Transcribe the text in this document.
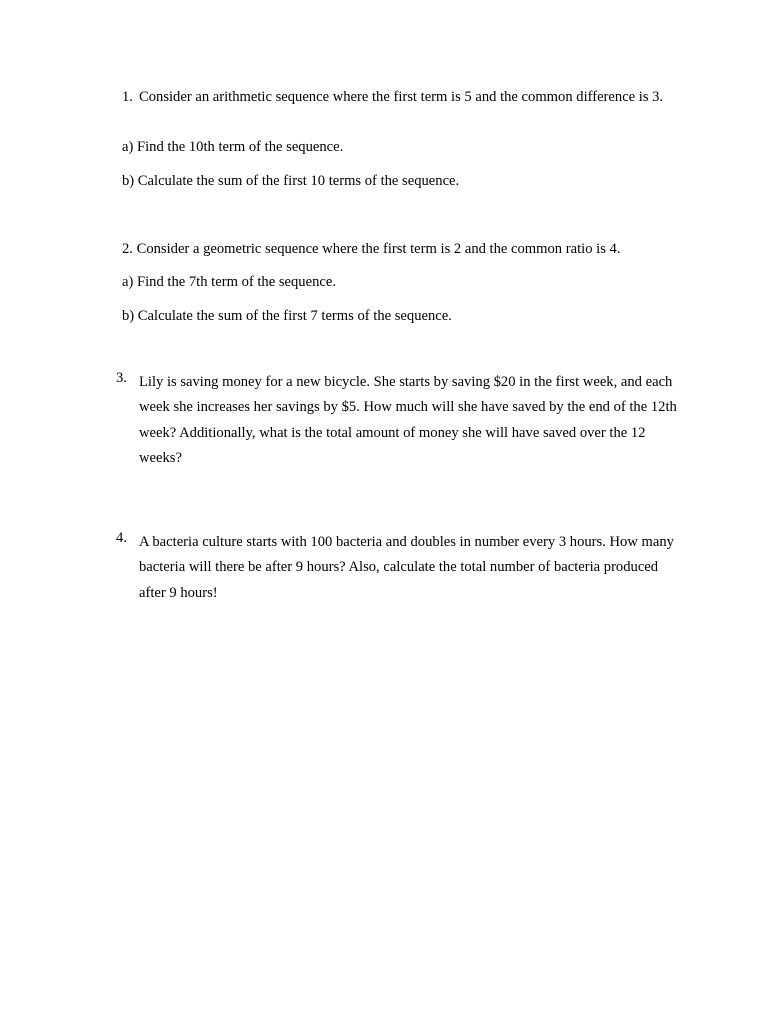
1. Consider an arithmetic sequence where the first term is 5 and the common difference is 3.
a) Find the 10th term of the sequence.
b) Calculate the sum of the first 10 terms of the sequence.
2. Consider a geometric sequence where the first term is 2 and the common ratio is 4.
a) Find the 7th term of the sequence.
b) Calculate the sum of the first 7 terms of the sequence.
3. Lily is saving money for a new bicycle. She starts by saving $20 in the first week, and each week she increases her savings by $5. How much will she have saved by the end of the 12th week? Additionally, what is the total amount of money she will have saved over the 12 weeks?
4. A bacteria culture starts with 100 bacteria and doubles in number every 3 hours. How many bacteria will there be after 9 hours? Also, calculate the total number of bacteria produced after 9 hours!
